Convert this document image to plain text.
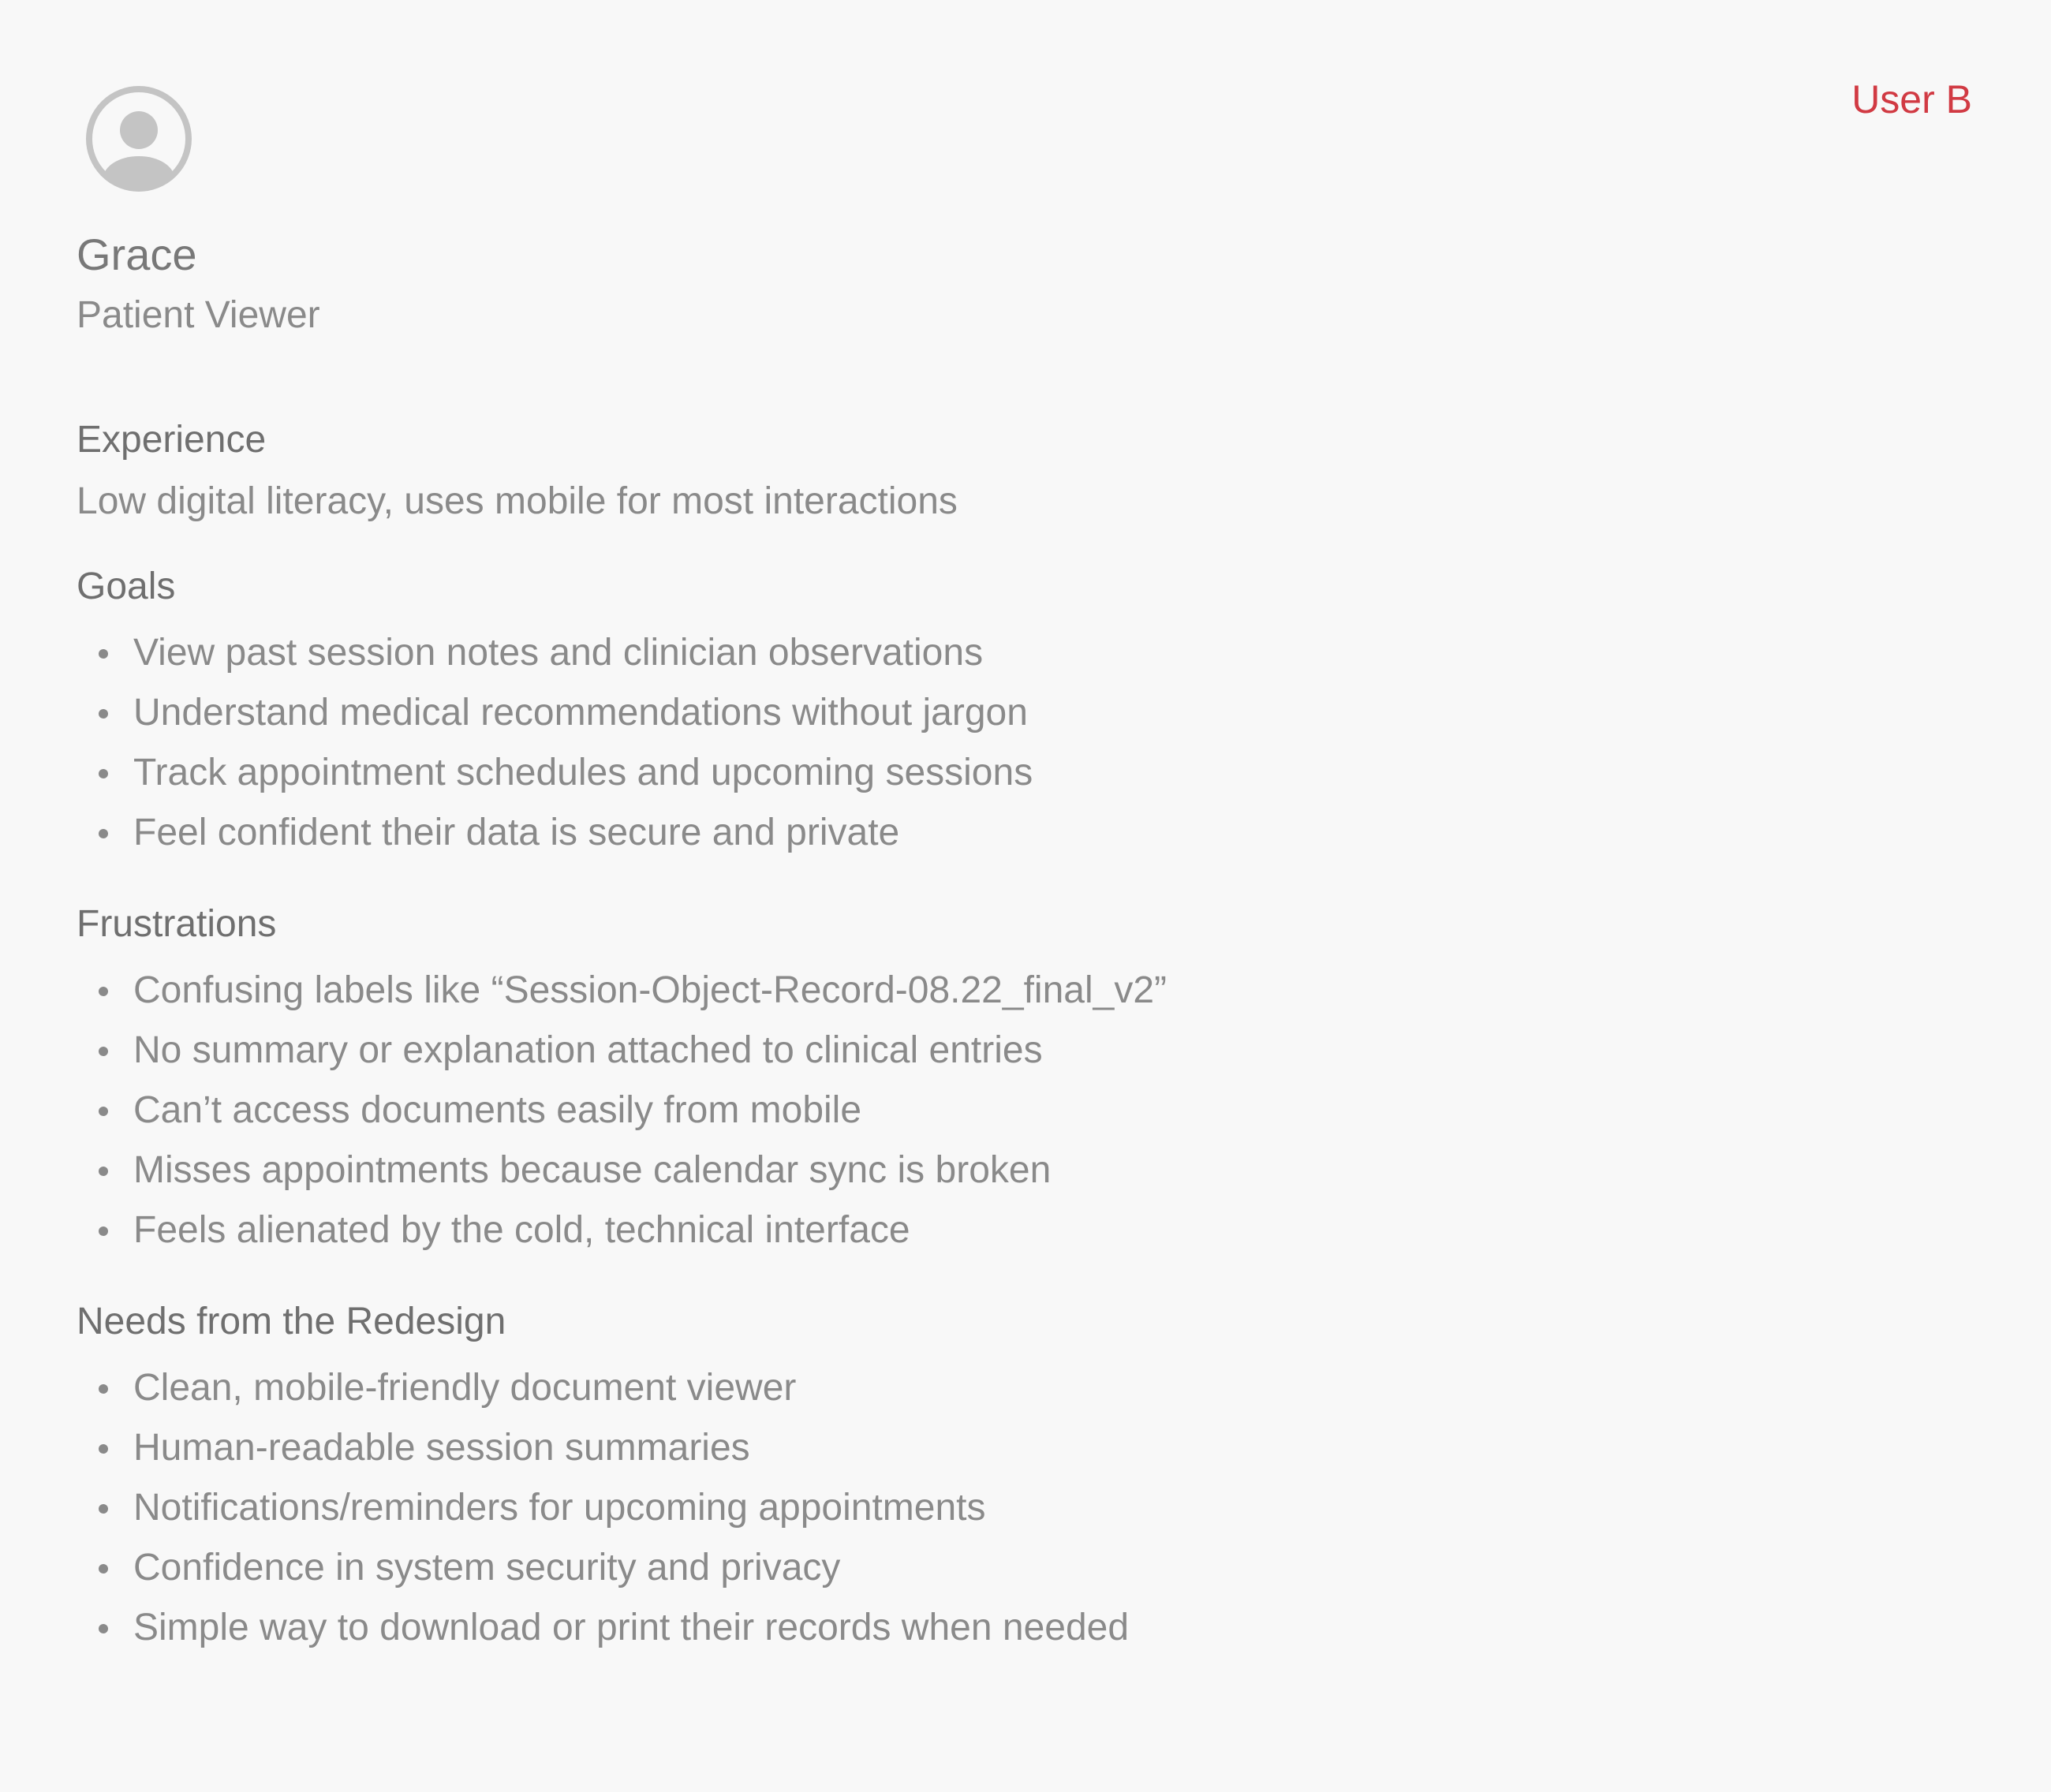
User B
Grace
Patient Viewer
Experience

Low digital literacy, uses mobile for most interactions

Goals
View past session notes and clinician observations
Understand medical recommendations without jargon
Track appointment schedules and upcoming sessions
Feel confident their data is secure and private
Frustrations
Confusing labels like “Session-Object-Record-08.22_final_v2”
No summary or explanation attached to clinical entries
Can’t access documents easily from mobile
Misses appointments because calendar sync is broken
Feels alienated by the cold, technical interface
Needs from the Redesign
Clean, mobile-friendly document viewer
Human-readable session summaries
Notifications/reminders for upcoming appointments
Confidence in system security and privacy
Simple way to download or print their records when needed
